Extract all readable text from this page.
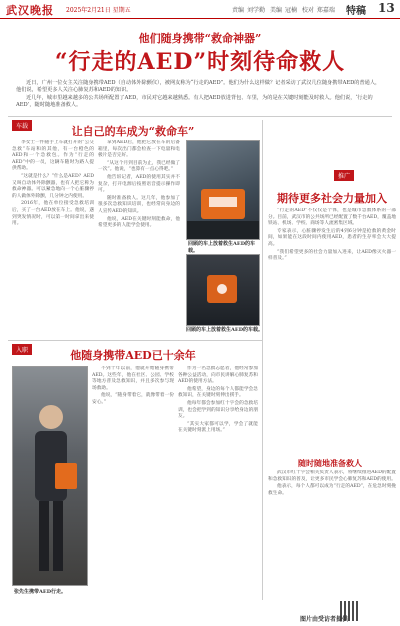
武汉晚报 2025年2月21日 星期五	责编 刘学勤 美编 冠楠 校对 郑嘉瑞	特稿 13
他们随身携带“救命神器”
“行走的AED”时刻待命救人

近日，广州一位女主关注随身携带AED（自动体外除颤仪），被网友称为“行走的AED”。他们为什么这样做？记者采访了武汉几位随身携带AED的普通人，他们说，希望更多人关注心肺复苏和AED的知识。

近几年，城市里越来越多的公共场所配置了AED，市民对它越来越熟悉。有人把AED放进背包、车里，为的是在关键时刻能及时救人。他们说，‘行走的AED’，随时随地准备救人。

车载	让自己的车成为“救命车”

李女士一件随手上车就打开的“公交急救”车站和的其他，有一台橙色的AED和一个急救包。作为“行走的AED”中的一员，这辆车随时为路人提供帮助。

“这就是什么？”什么是AED？AED又叫自动体外除颤器，也有人把它称为救命神器。可以紧急地向一个心脏骤停的人做体外除颤，几分钟之内使用。

2016年，他在单位接受急救培训后，买了一台AED放在车上。他说，遇到突发情况时，可以第一时间拿出来使用。

拿到AED后，他把它放在车的后备箱里，每次出门都会检查一下电量和电极片是否完好。

“从这个月到目前为止，我已经做了一次”。他说，“也算有一点心得吧。”

他告诉记者，AED的使用其实并不复杂，打开电源后按照语音提示操作即可。

随时准备救人。这几年，他参加了很多次急救知识培训，也经常向身边的人宣传AED的知识。

他说，AED在关键时刻能救命，他希望更多的人能学会使用。

回顾的车上放着救生AED的车载。
回顾的车上放着救生AED的车载。
推广
期待更多社会力量加入

“行走的AED”不仅仅是个体，也是城市急救体系的一部分。目前，武汉市的公共场所已经配置了数千台AED，覆盖地铁站、机场、学校、商场等人流密集区域。

专家表示，心脏骤停发生后的4到6分钟是抢救的黄金时间，如果能在这段时间内使用AED，患者的生存率会大大提高。

“我们希望更多的社会力量加入进来，让AED像灭火器一样普及。”

随时随地准备救人

武汉市红十字会相关负责人表示，将继续推进AED的配置和急救知识的普及，让更多市民学会心肺复苏和AED的使用。

他表示，每个人都可以成为“行走的AED”，在危急时刻挽救生命。

入职	他随身携带AED已十余年
张先生携带AED行走。

不到十年以前，他就开始随身携带AED。这些年，他在社区、公园、学校等地方普及急救知识，并且多次参与现场救助。

他说，“随身带着它，就像带着一份安心。”

作为一名急救志愿者，他经常参加各种公益活动，向市民讲解心肺复苏和AED的使用方法。

他希望，身边的每个人都能学会急救知识，在关键时刻伸出援手。

他每年都会参加红十字会的急救培训，也会把学到的知识分享给身边的朋友。

“其实大家都可以学，学会了就能在关键时刻派上用场。”

图片由受访者提供
